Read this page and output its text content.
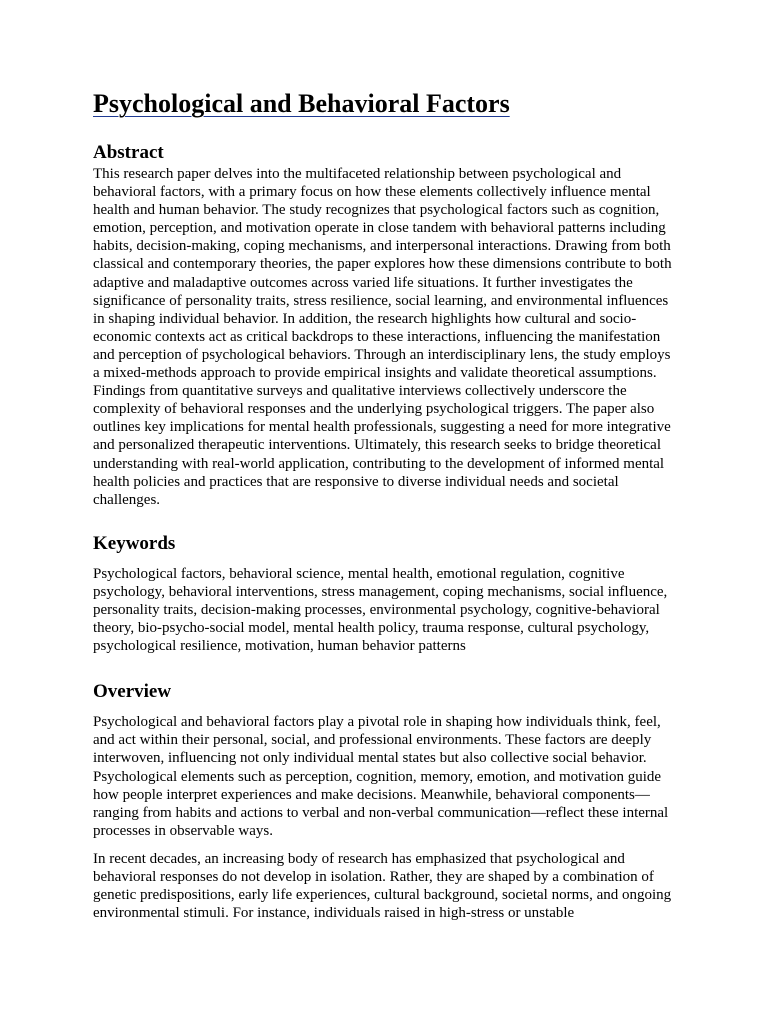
Psychological and Behavioral Factors
Abstract

This research paper delves into the multifaceted relationship between psychological and behavioral factors, with a primary focus on how these elements collectively influence mental health and human behavior. The study recognizes that psychological factors such as cognition, emotion, perception, and motivation operate in close tandem with behavioral patterns including habits, decision-making, coping mechanisms, and interpersonal interactions. Drawing from both classical and contemporary theories, the paper explores how these dimensions contribute to both adaptive and maladaptive outcomes across varied life situations. It further investigates the significance of personality traits, stress resilience, social learning, and environmental influences in shaping individual behavior. In addition, the research highlights how cultural and socio-economic contexts act as critical backdrops to these interactions, influencing the manifestation and perception of psychological behaviors. Through an interdisciplinary lens, the study employs a mixed-methods approach to provide empirical insights and validate theoretical assumptions. Findings from quantitative surveys and qualitative interviews collectively underscore the complexity of behavioral responses and the underlying psychological triggers. The paper also outlines key implications for mental health professionals, suggesting a need for more integrative and personalized therapeutic interventions. Ultimately, this research seeks to bridge theoretical understanding with real-world application, contributing to the development of informed mental health policies and practices that are responsive to diverse individual needs and societal challenges.

Keywords

Psychological factors, behavioral science, mental health, emotional regulation, cognitive psychology, behavioral interventions, stress management, coping mechanisms, social influence, personality traits, decision-making processes, environmental psychology, cognitive-behavioral theory, bio-psycho-social model, mental health policy, trauma response, cultural psychology, psychological resilience, motivation, human behavior patterns

Overview

Psychological and behavioral factors play a pivotal role in shaping how individuals think, feel, and act within their personal, social, and professional environments. These factors are deeply interwoven, influencing not only individual mental states but also collective social behavior. Psychological elements such as perception, cognition, memory, emotion, and motivation guide how people interpret experiences and make decisions. Meanwhile, behavioral components—ranging from habits and actions to verbal and non-verbal communication—reflect these internal processes in observable ways.

In recent decades, an increasing body of research has emphasized that psychological and behavioral responses do not develop in isolation. Rather, they are shaped by a combination of genetic predispositions, early life experiences, cultural background, societal norms, and ongoing environmental stimuli. For instance, individuals raised in high-stress or unstable
